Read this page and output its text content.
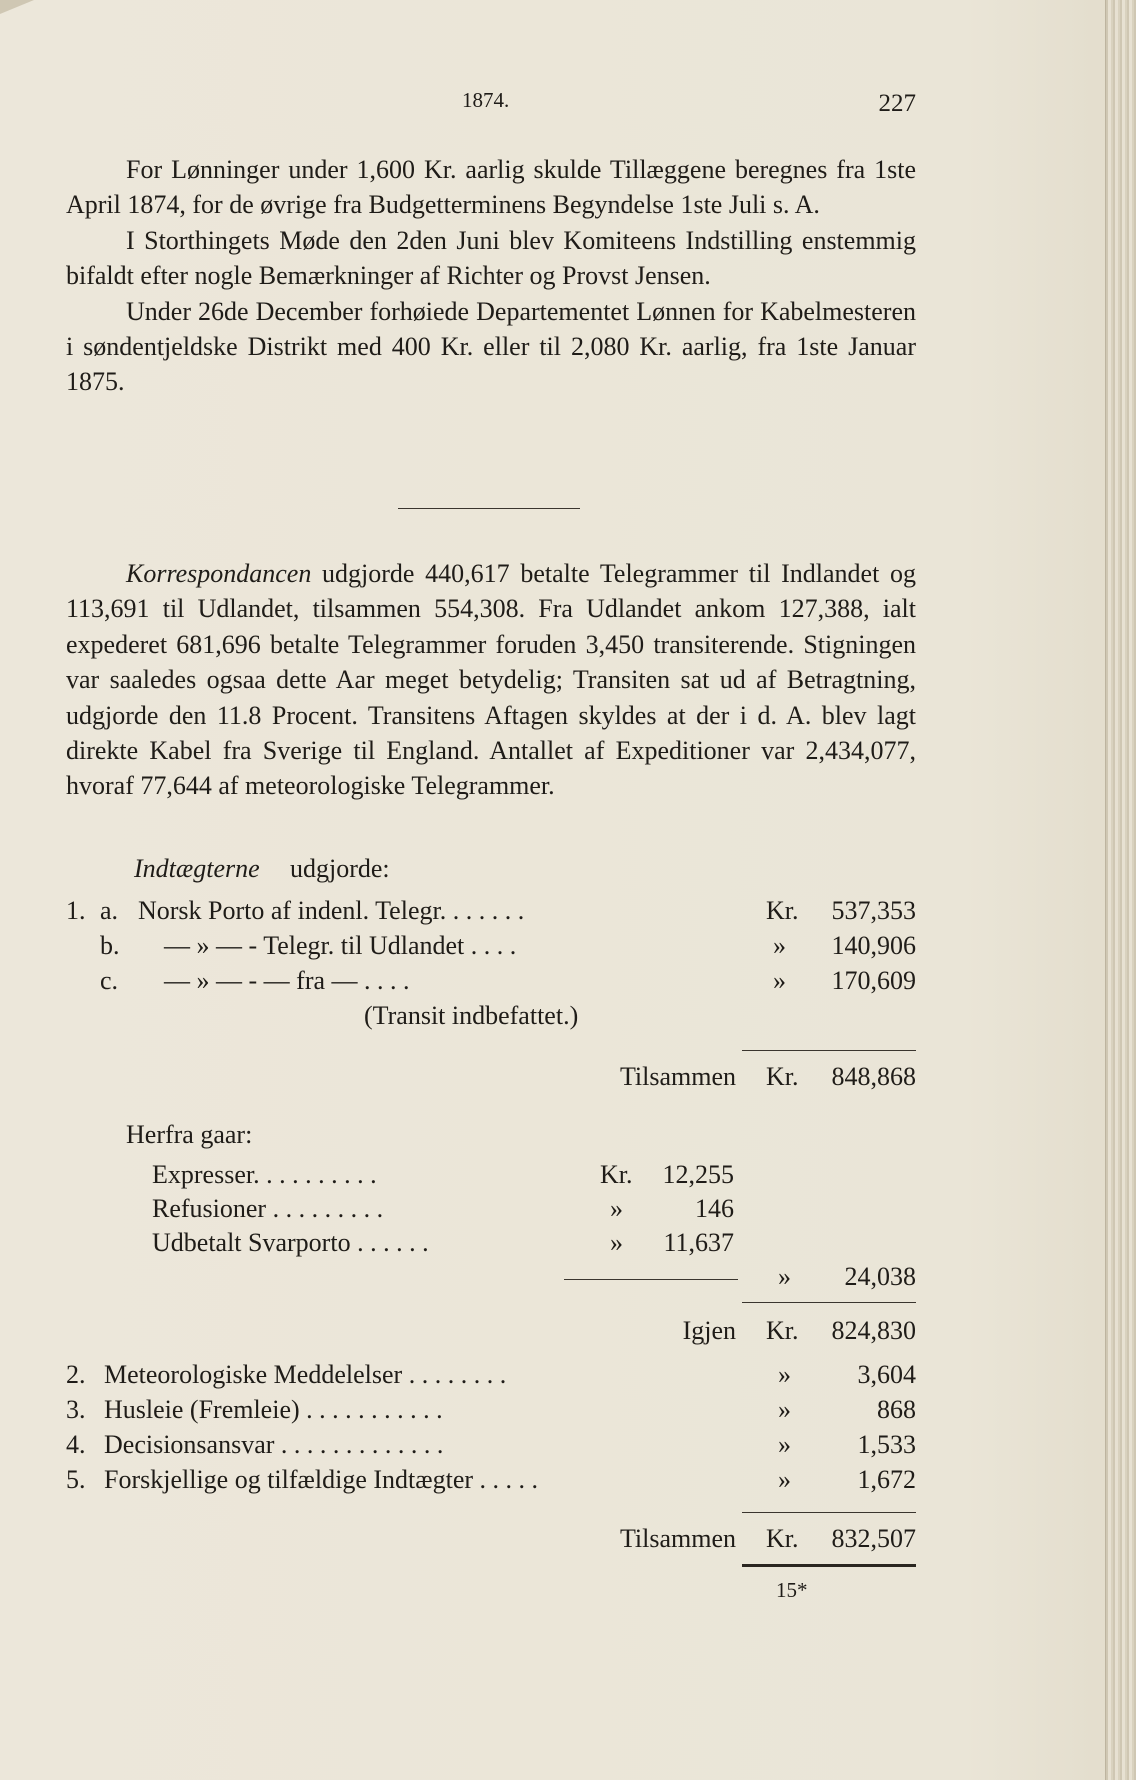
1874.	227

For Lønninger under 1,600 Kr. aarlig skulde Tillæggene beregnes fra 1ste April 1874, for de øvrige fra Budgetterminens Begyndelse 1ste Juli s. A.

I Storthingets Møde den 2den Juni blev Komiteens Indstilling enstemmig bifaldt efter nogle Bemærkninger af Richter og Provst Jensen.

Under 26de December forhøiede Departementet Lønnen for Kabelmesteren i søndentjeldske Distrikt med 400 Kr. eller til 2,080 Kr. aarlig, fra 1ste Januar 1875.

Korrespondancen udgjorde 440,617 betalte Telegrammer til Indlandet og 113,691 til Udlandet, tilsammen 554,308. Fra Udlandet ankom 127,388, ialt expederet 681,696 betalte Telegrammer foruden 3,450 transiterende. Stigningen var saaledes ogsaa dette Aar meget betydelig; Transiten sat ud af Betragtning, udgjorde den 11.8 Procent. Transitens Aftagen skyldes at der i d. A. blev lagt direkte Kabel fra Sverige til England. Antallet af Expeditioner var 2,434,077, hvoraf 77,644 af meteorologiske Telegrammer.

Indtægterne udgjorde:
1. a. Norsk Porto af indenl. Telegr. . . . . . .	Kr.	537,353
b. — » — - Telegr. til Udlandet . . . .	»	140,906
c. — » — - — fra — . . . .	»	170,609
(Transit indbefattet.)
Tilsammen Kr.	848,868
Herfra gaar:
Expresser. . . . . . . . . .	Kr.	12,255
Refusioner . . . . . . . . .	»	146
Udbetalt Svarporto . . . . . .	»	11,637
»	24,038
Igjen Kr.	824,830
2. Meteorologiske Meddelelser . . . . . . . .	»	3,604
3. Husleie (Fremleie) . . . . . . . . . . .	»	868
4. Decisionsansvar . . . . . . . . . . . . .	»	1,533
5. Forskjellige og tilfældige Indtægter . . . . .	»	1,672
Tilsammen Kr.	832,507
15*
